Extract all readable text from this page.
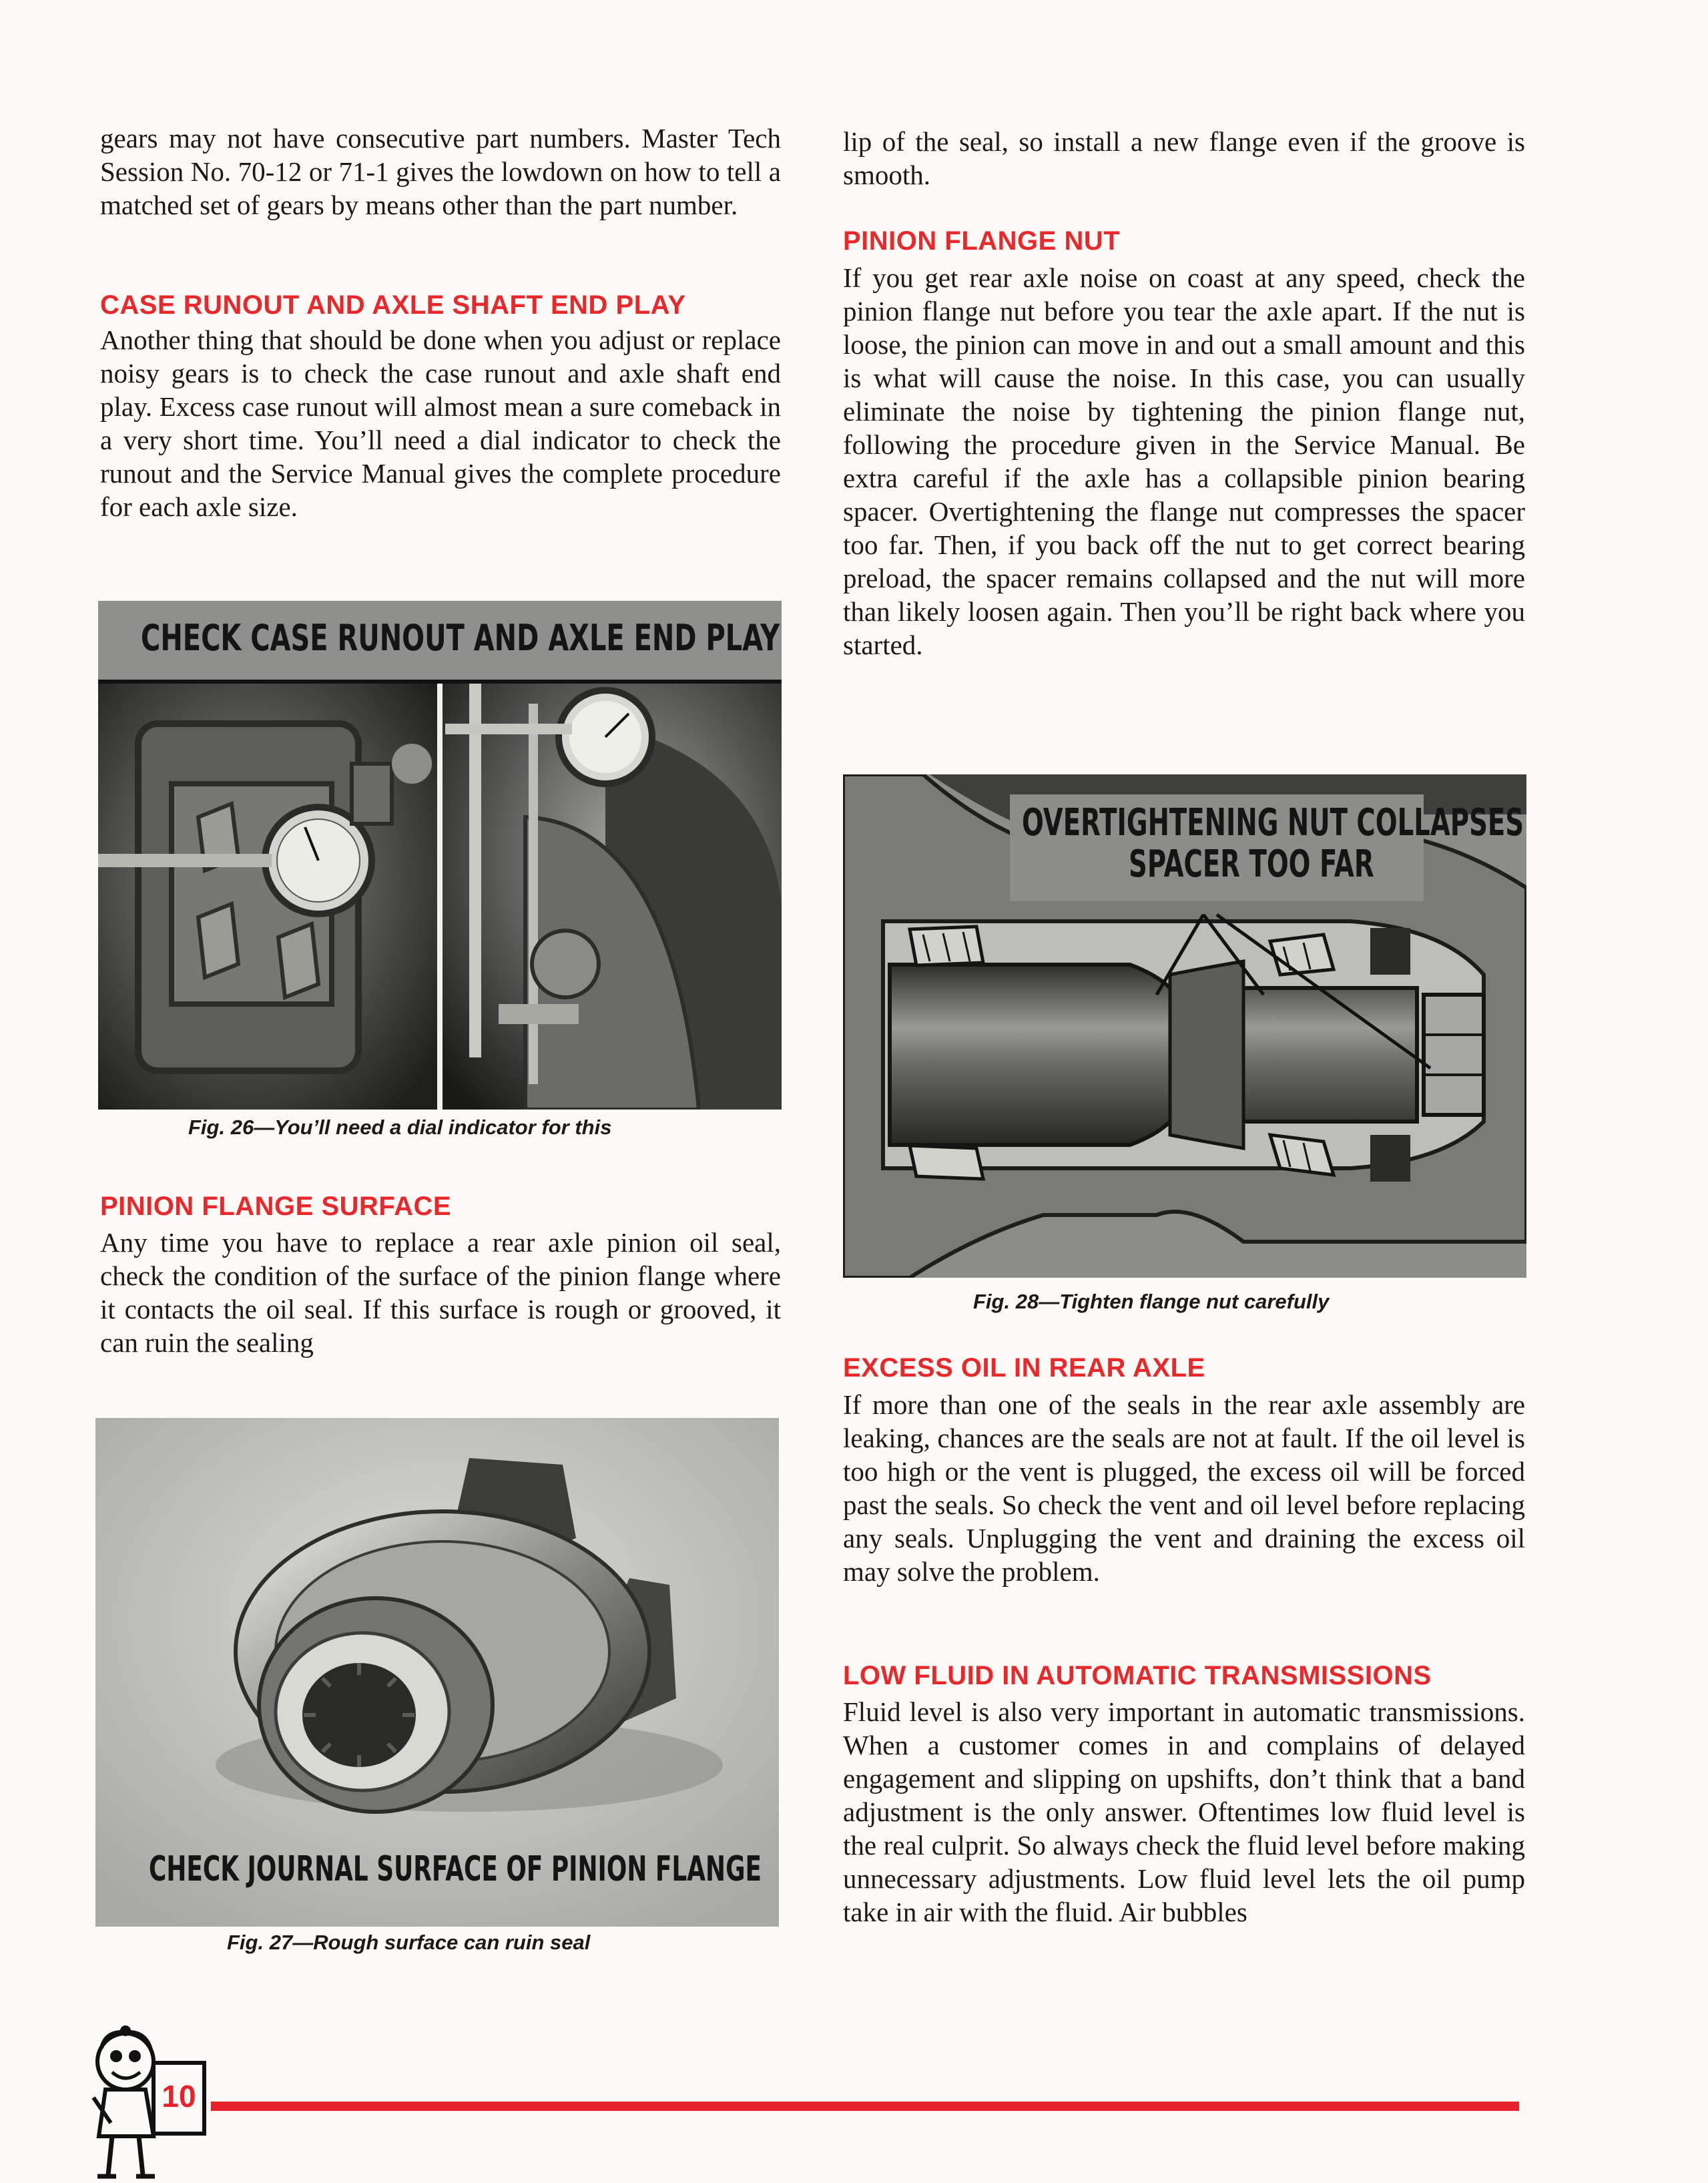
gears may not have consecutive part numbers. Master Tech Session No. 70-12 or 71-1 gives the lowdown on how to tell a matched set of gears by means other than the part number.

CASE RUNOUT AND AXLE SHAFT END PLAY

Another thing that should be done when you adjust or replace noisy gears is to check the case runout and axle shaft end play. Excess case runout will almost mean a sure comeback in a very short time. You’ll need a dial indicator to check the runout and the Service Manual gives the complete procedure for each axle size.

CHECK CASE RUNOUT AND AXLE END PLAY

Fig. 26—You’ll need a dial indicator for this

PINION FLANGE SURFACE

Any time you have to replace a rear axle pinion oil seal, check the condition of the surface of the pinion flange where it contacts the oil seal. If this surface is rough or grooved, it can ruin the sealing

CHECK JOURNAL SURFACE OF PINION FLANGE

Fig. 27—Rough surface can ruin seal

lip of the seal, so install a new flange even if the groove is smooth.

PINION FLANGE NUT

If you get rear axle noise on coast at any speed, check the pinion flange nut before you tear the axle apart. If the nut is loose, the pinion can move in and out a small amount and this is what will cause the noise. In this case, you can usually eliminate the noise by tightening the pinion flange nut, following the procedure given in the Service Manual. Be extra careful if the axle has a collapsible pinion bearing spacer. Overtightening the flange nut compresses the spacer too far. Then, if you back off the nut to get correct bearing preload, the spacer remains collapsed and the nut will more than likely loosen again. Then you’ll be right back where you started.

OVERTIGHTENING NUT COLLAPSES
SPACER TOO FAR

Fig. 28—Tighten flange nut carefully

EXCESS OIL IN REAR AXLE

If more than one of the seals in the rear axle assembly are leaking, chances are the seals are not at fault. If the oil level is too high or the vent is plugged, the excess oil will be forced past the seals. So check the vent and oil level before replacing any seals. Unplugging the vent and draining the excess oil may solve the problem.

LOW FLUID IN AUTOMATIC TRANSMISSIONS

Fluid level is also very important in automatic transmissions. When a customer comes in and complains of delayed engagement and slipping on upshifts, don’t think that a band adjustment is the only answer. Oftentimes low fluid level is the real culprit. So always check the fluid level before making unnecessary adjustments. Low fluid level lets the oil pump take in air with the fluid. Air bubbles

10
